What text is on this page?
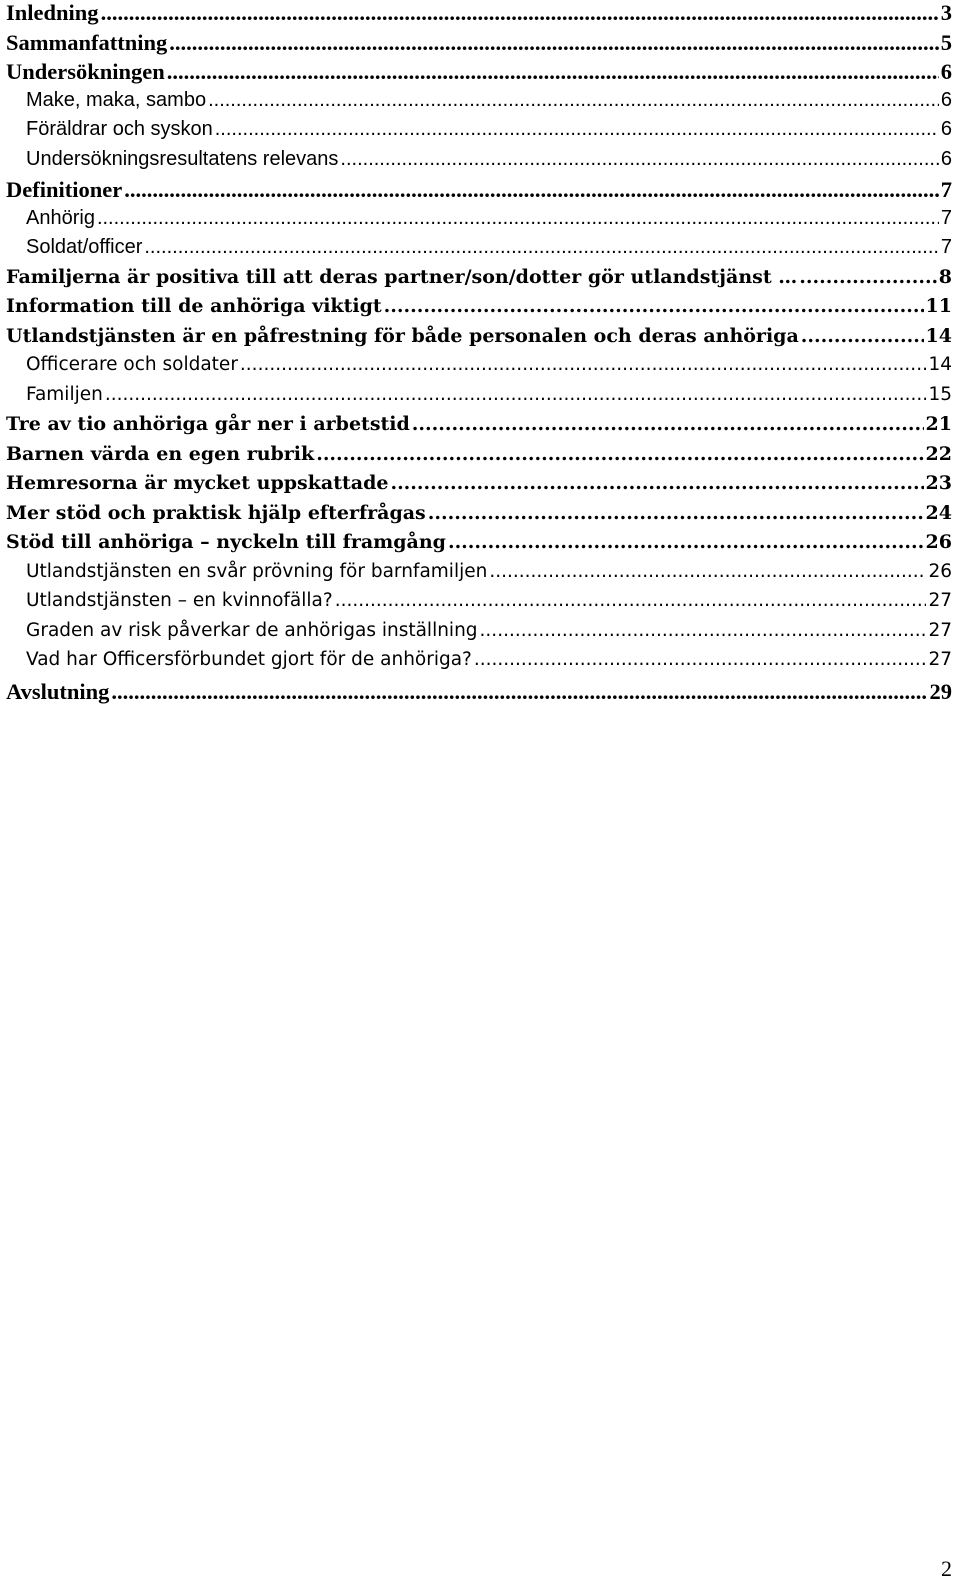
Inledning .....	3
Sammanfattning .....	5
Undersökningen .....	6
Make, maka, sambo .....	6
Föräldrar och syskon .....	6
Undersökningsresultatens relevans .....	6
Definitioner .....	7
Anhörig .....	7
Soldat/officer .....	7
Familjerna är positiva till att deras partner/son/dotter gör utlandstjänst … .....	8
Information till de anhöriga viktigt .....	11
Utlandstjänsten är en påfrestning för både personalen och deras anhöriga .....	14
Officerare och soldater .....	14
Familjen .....	15
Tre av tio anhöriga går ner i arbetstid .....	21
Barnen värda en egen rubrik .....	22
Hemresorna är mycket uppskattade .....	23
Mer stöd och praktisk hjälp efterfrågas .....	24
Stöd till anhöriga – nyckeln till framgång .....	26
Utlandstjänsten en svår prövning för barnfamiljen .....	26
Utlandstjänsten – en kvinnofälla? .....	27
Graden av risk påverkar de anhörigas inställning .....	27
Vad har Officersförbundet gjort för de anhöriga? .....	27
Avslutning .....	29
2
